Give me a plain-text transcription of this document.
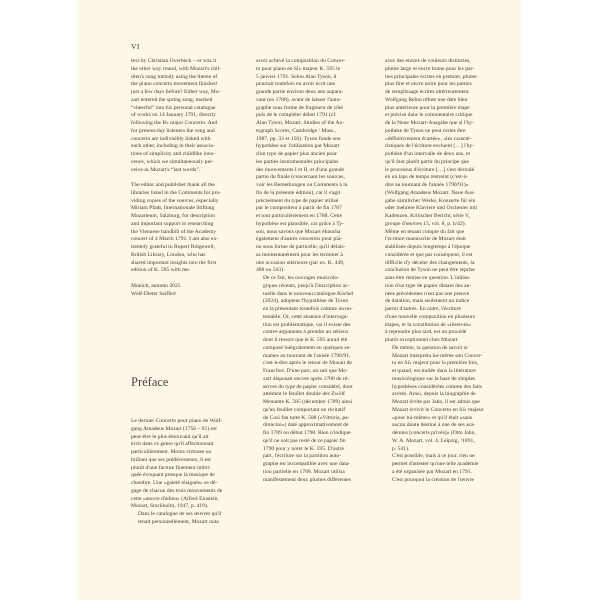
VI

text by Christian Overbeck – or was it
the other way round, with Mozart's chil-
dren's song melody using the theme of
the piano concerto movement finished
just a few days before? Either way, Mo-
zart entered the spring song, marked
“cheerful” into his personal catalogue
of works on 14 January 1791, directly
following the B♭ major Concerto. And
for present-day listeners the song and
concerto are indivisibly linked with
each other, including in their associa-
tions of simplicity and childlike inno-
cence, which we simultaneously per-
ceive as Mozart's “last words”.

The editor and publisher thank all the
libraries listed in the Comments for pro-
viding copies of the sources, especially
Miriam Pfadt, Internationale Stiftung
Mozarteum, Salzburg, for description
and important support in researching
the Viennese handbill of the Academy
concert of 4 March 1791. I am also ex-
tremely grateful to Rupert Ridgewell,
British Library, London, who has
shared important insights into the first
edition of K. 595 with me.

Munich, autumn 2025
Wolf-Dieter Seiffert

Préface

Le dernier Concerto pour piano de Wolf-
gang Amadeus Mozart (1756 – 91) est
peut-être le plus émouvant qu'il ait
écrit dans ce genre qu'il affectionnait
particulièrement. Moins virtuose ou
brillant que ses prédécesseurs, il est
plutôt d'une facture finement imbri-
quée évoquant presque la musique de
chambre. Une «gaieté résignée» se dé-
gage de chacun des trois mouvements de
cette «œuvre d'adieu» (Alfred Einstein,
Mozart, Stockholm, 1947, p. 419).

Dans le catalogue de ses œuvres qu'il
tenait personnellement, Mozart nota

avoir achevé la composition du Concer-
to pour piano en Si♭ majeur K. 595 le
5 janvier 1791. Selon Alan Tyson, il
pourrait toutefois en avoir écrit une
grande partie environ deux ans aupara-
vant (en 1788), avant de laisser l'auto-
graphe sous forme de fragment de côté
puis de le compléter début 1791 (cf.
Alan Tyson, Mozart. Studies of the Au-
tograph Scores, Cambridge / Mass.,
1987, pp. 33 et 156). Tyson fonde son
hypothèse sur l'utilisation par Mozart
d'un type de papier plus ancien pour
les parties instrumentales principales
des mouvements I et II, et d'une grande
partie du finale (concernant les sources,
voir les Bemerkungen ou Comments à la
fin de la présente édition), car il s'agit
précisément du type de papier utilisé
par le compositeur à partir de fin 1787
et tout particulièrement en 1788. Cette
hypothèse est plausible, car grâce à Ty-
son, nous savons que Mozart ébaucha
également d'autres concertos pour pia-
no sous forme de particelle, qu'il délais-
sa momentanément pour les terminer à
une occasion ultérieure (par ex. K. 449,
488 ou 503).

De ce fait, les ouvrages musicolo-
giques récents, jusqu'à l'inscription ac-
tuelle dans le nouveau catalogue Köchel
(2024), adoptent l'hypothèse de Tyson
en la présentant toutefois comme incon-
testable. Or, cette absence d'interroga-
tion est problématique, car il existe des
contre-arguments à prendre au sérieux
dont il ressort que le K. 595 aurait été
composé intégralement en quelques se-
maines au tournant de l'année 1790/91,
c'est-à-dire après le retour de Mozart de
Francfort. D'une part, on sait que Mo-
zart disposait encore après 1788 de ré-
serves du type de papier considéré, dont
attestent le feuillet double des Zwölf
Menuette K. 585 (décembre 1789) ainsi
qu'un feuillet comportant un récitatif
de Così fan tutte K. 588 («Vittoria, pa-
droncini») daté approximativement de
fin 1789 ou début 1790. Rien n'indique
qu'il ne soit pas resté de ce papier fin
1790 pour y noter le K. 595. D'autre
part, l'écriture sur la partition auto-
graphe est incompatible avec une data-
tion partielle en 1788. Mozart utilisa
manifestement deux plumes différentes

avec des encres de couleurs distinctes,
plume large et encre brune pour les par-
ties principales écrites en premier, plume
plus fine et encre noire pour les parties
de remplissage écrites ultérieurement.
Wolfgang Rehm réfute une date bien
plus antérieure pour la première étape
et précise dans le commentaire critique
de la Neue Mozart-Ausgabe que si l'hy-
pothèse de Tyson ne peut certes être
«définitivement écartée», «les caracté-
ristiques de l'écriture excluent […] l'hy-
pothèse d'un intervalle de deux ans, et
qu'il faut plutôt partir du principe que
le processus d'écriture […] s'est déroulé
en un laps de temps restreint (c'est-à-
dire au tournant de l'année 1790/91)»
(Wolfgang Amadeus Mozart. Neue Aus-
gabe sämtlicher Werke, Konzerte für ein
oder mehrere Klaviere und Orchester mit
Kadenzen, Kritischer Bericht, série V,
groupe d'œuvres 15, vol. 8, p. h/42).
Même en tenant compte du fait que
l'écriture manuscrite de Mozart était
stabilisée depuis longtemps à l'époque
considérée et que par conséquent, il est
difficile d'y déceler des changements, la
conclusion de Tyson ne peut être reprise
sans être remise en question. L'utilisa-
tion d'un type de papier distant des an-
nées précédentes n'est pas une preuve
de datation, mais seulement un indice
parmi d'autres. En outre, l'écriture
d'une nouvelle composition en plusieurs
étapes, et la constitution de «réserves»
à reprendre plus tard, est un procédé
plutôt exceptionnel chez Mozart.

De même, la question de savoir si
Mozart interpréta lui-même son Concer-
to en Si♭ majeur pour la première fois,
et quand, est traitée dans la littérature
musicologique sur la base de simples
hypothèses considérées comme des faits
avérés. Ainsi, depuis la biographie de
Mozart écrite par Jahn, il est admis que
Mozart écrivit le Concerto en Si♭ majeur
«pour lui-même» et qu'il était «sans
aucun doute destiné à une de ses aca-
démies [concerts privés]» (Otto Jahn,
W. A. Mozart, vol. 4, Leipzig, ¹1891,
p. 541).

C'est possible, mais à ce jour, rien ne
permet d'attester qu'une telle académie
a été organisée par Mozart en 1791.
C'est pourquoi la création de l'œuvre
